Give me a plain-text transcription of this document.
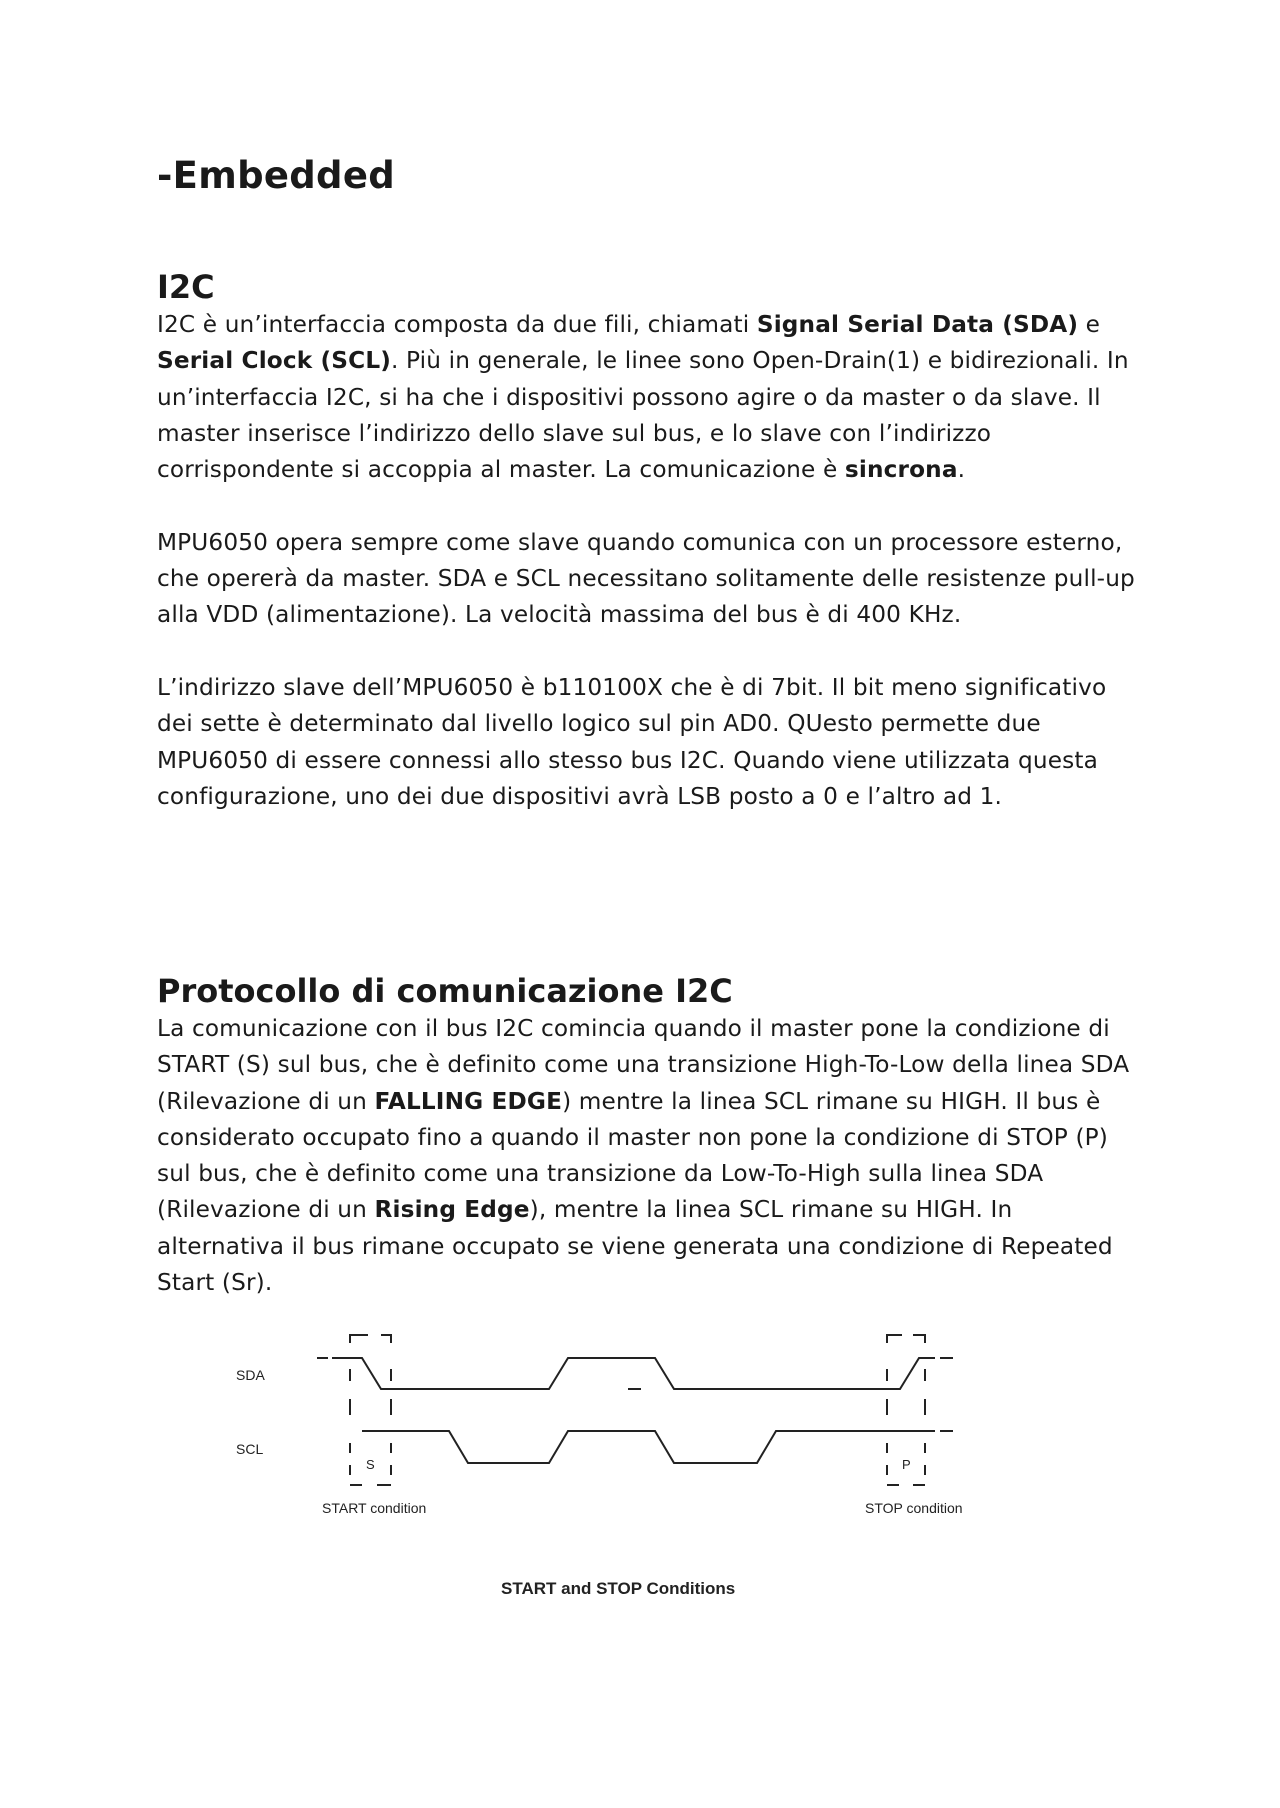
-Embedded
I2C

I2C è un’interfaccia composta da due fili, chiamati Signal Serial Data (SDA) e Serial Clock (SCL). Più in generale, le linee sono Open-Drain(1) e bidirezionali. In un’interfaccia I2C, si ha che i dispositivi possono agire o da master o da slave. Il master inserisce l’indirizzo dello slave sul bus, e lo slave con l’indirizzo corrispondente si accoppia al master. La comunicazione è sincrona.

MPU6050 opera sempre come slave quando comunica con un processore esterno, che opererà da master. SDA e SCL necessitano solitamente delle resistenze pull-up alla VDD (alimentazione). La velocità massima del bus è di 400 KHz.

L’indirizzo slave dell’MPU6050 è b110100X che è di 7bit. Il bit meno significativo dei sette è determinato dal livello logico sul pin AD0. QUesto permette due MPU6050 di essere connessi allo stesso bus I2C. Quando viene utilizzata questa configurazione, uno dei due dispositivi avrà LSB posto a 0 e l’altro ad 1.

Protocollo di comunicazione I2C

La comunicazione con il bus I2C comincia quando il master pone la condizione di START (S) sul bus, che è definito come una transizione High-To-Low della linea SDA (Rilevazione di un FALLING EDGE) mentre la linea SCL rimane su HIGH. Il bus è considerato occupato fino a quando il master non pone la condizione di STOP (P) sul bus, che è definito come una transizione da Low-To-High sulla linea SDA (Rilevazione di un Rising Edge), mentre la linea SCL rimane su HIGH. In alternativa il bus rimane occupato se viene generata una condizione di Repeated Start (Sr).

SDA
SCL
S	P
START condition	STOP condition
START and STOP Conditions
